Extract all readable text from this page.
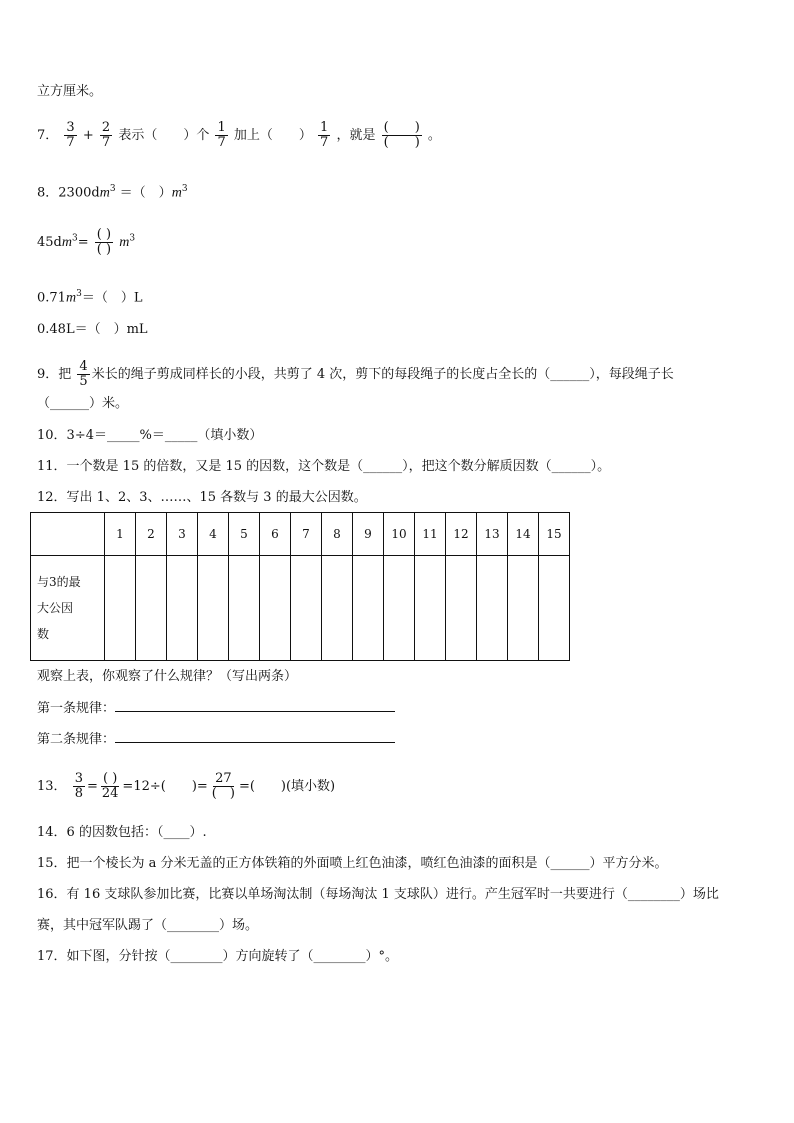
立方厘米。
7． $\frac{3}{7} + \frac{2}{7}$ 表示（　　）个 $\frac{1}{7}$ 加上（　　） $\frac{1}{7}$ ，就是 $\frac{( )}{( )}$ 。
8．$2300dm^3$ ＝（　）$m^3$
$45dm^3= \frac{( )}{( )} m^3$
$0.71m^3=$（　）L
0.48L＝（　）mL
9．把 $\frac{4}{5}$ 米长的绳子剪成同样长的小段，共剪了 4 次，剪下的每段绳子的长度占全长的（______），每段绳子长
（______）米。
10．3÷4＝_____%＝_____（填小数）
11．一个数是 15 的倍数，又是 15 的因数，这个数是（______），把这个数分解质因数（______）。
12．写出 1、2、3、……、15 各数与 3 的最大公因数。
	1	2	3	4	5	6	7	8	9	10	11	12	13	14	15

与3的最
大公因
数															

观察上表，你观察了什么规律？（写出两条）
第一条规律：
第二条规律：
13． $\frac{3}{8} = \frac{( )}{24} =12\div$(　　)= $\frac{27}{( )}$ =(　　)(填小数)
14．6 的因数包括：（____）.
15．把一个棱长为 a 分米无盖的正方体铁箱的外面喷上红色油漆，喷红色油漆的面积是（______）平方分米。
16．有 16 支球队参加比赛，比赛以单场淘汰制（每场淘汰 1 支球队）进行。产生冠军时一共要进行（________）场比
赛，其中冠军队踢了（________）场。
17．如下图，分针按（________）方向旋转了（________）°。
